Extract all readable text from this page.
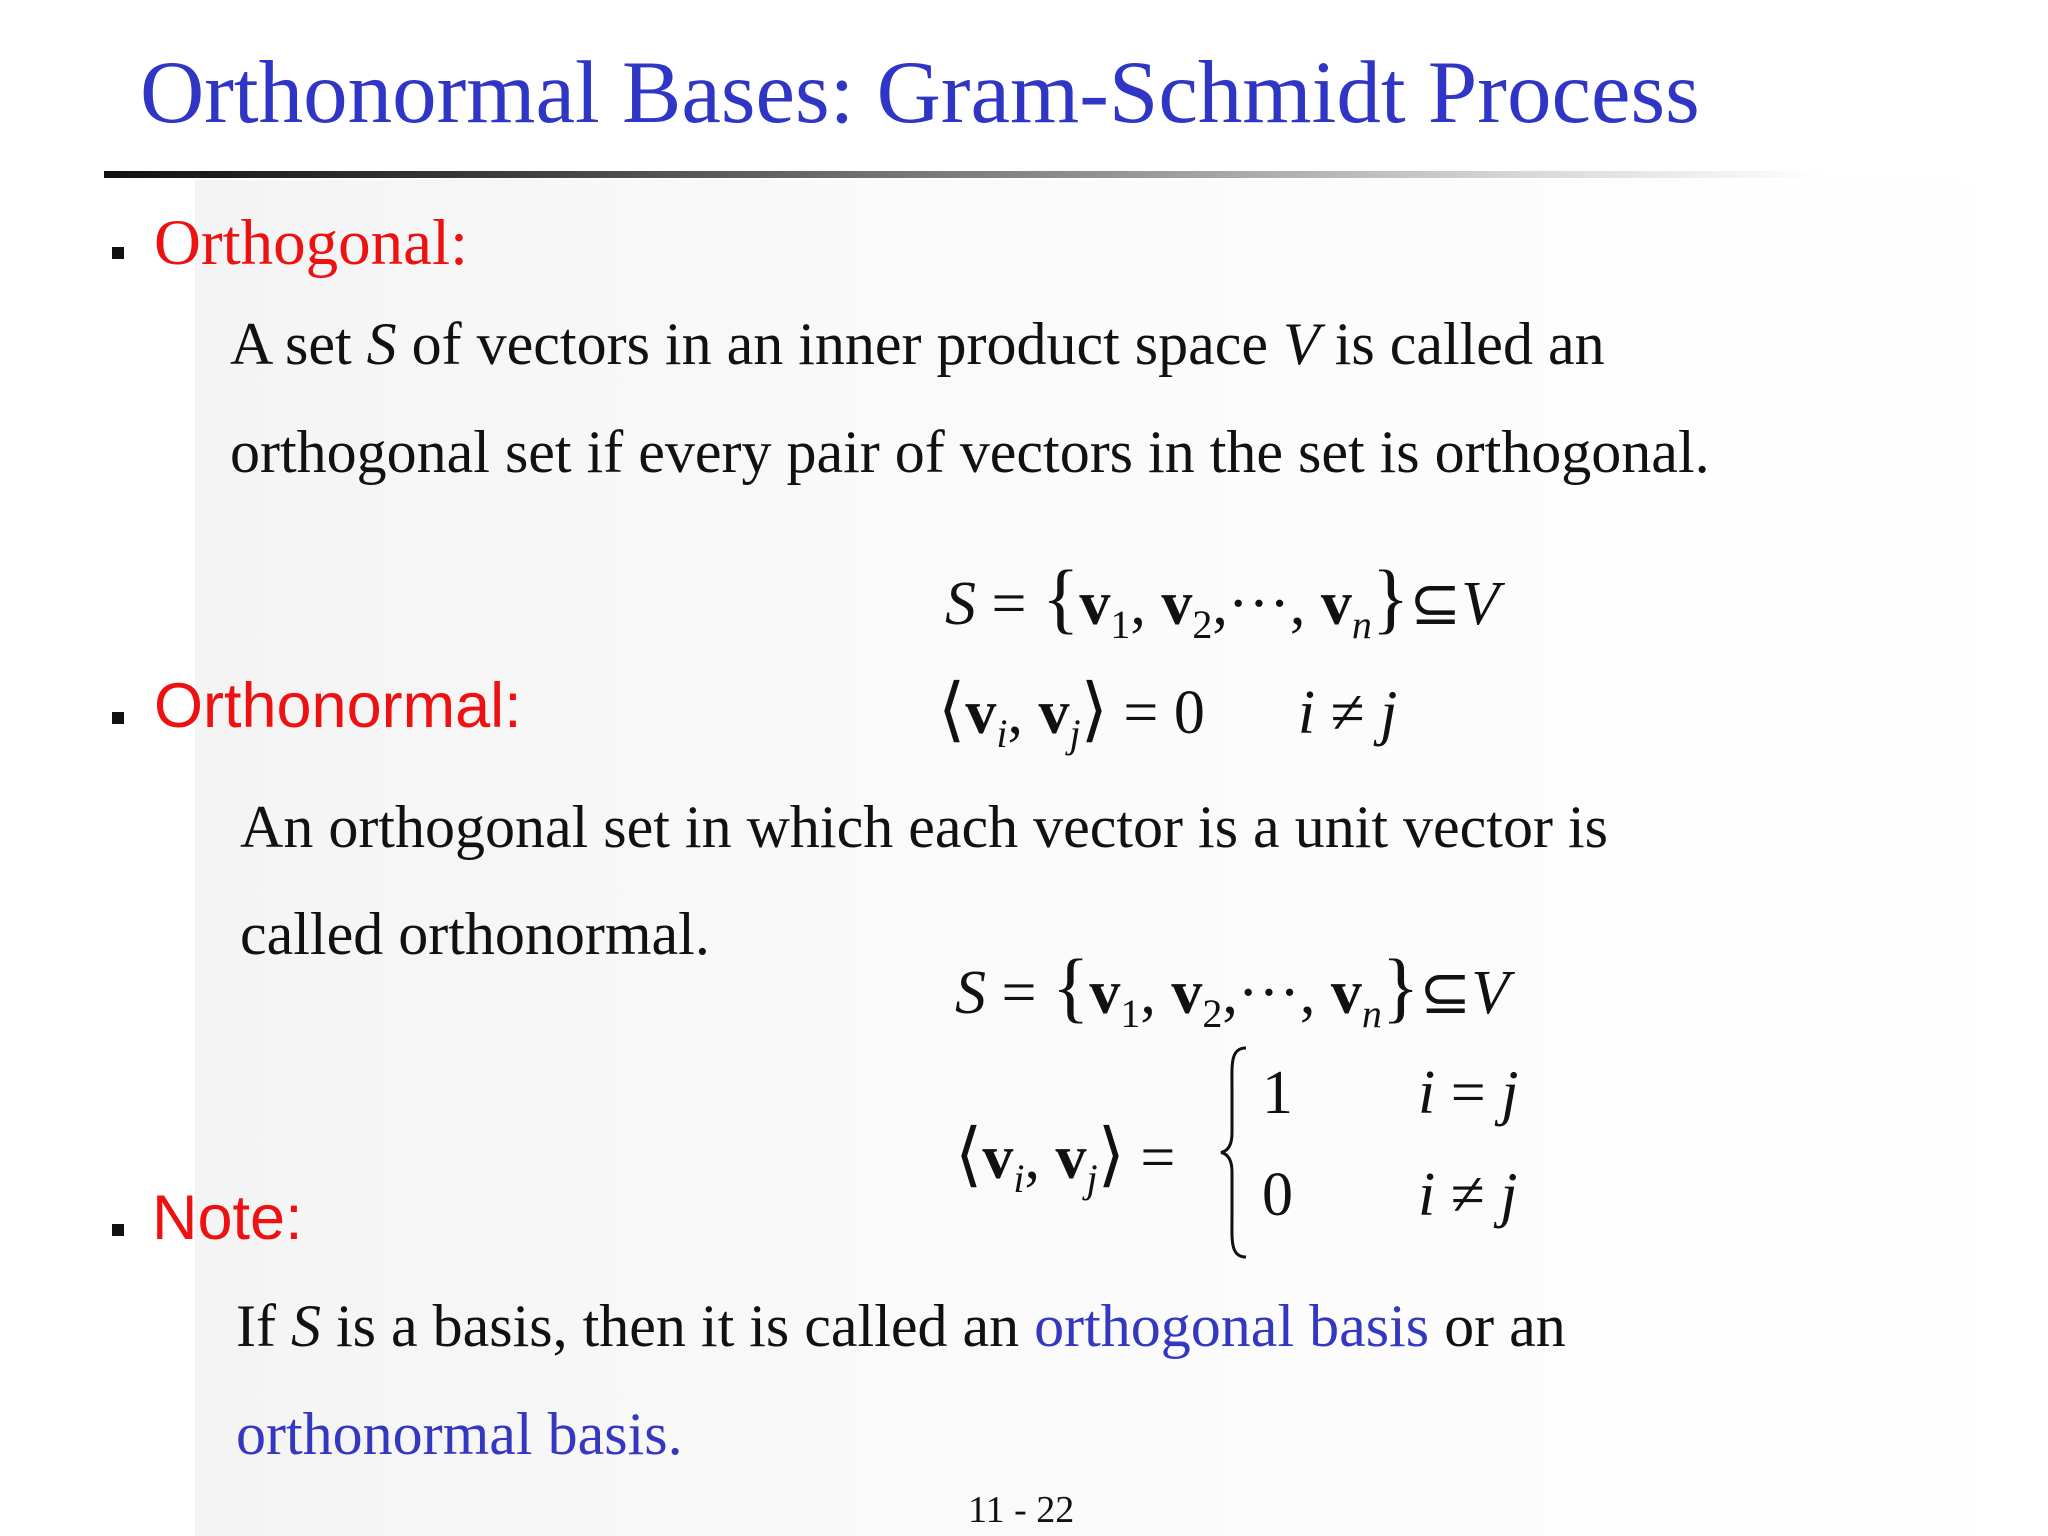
Orthonormal Bases: Gram-Schmidt Process
Orthogonal:

A set S of vectors in an inner product space V is called an

orthogonal set if every pair of vectors in the set is orthogonal.

$S = \{v_1$, $v_2,\cdot\cdot\cdot$, $v_n\}⊆V$
$⟨v_i$, $v_j⟩ = 0$ i ≠ j
Orthonormal:

An orthogonal set in which each vector is a unit vector is

called orthonormal.

$S = \{v_1$, $v_2,\cdot\cdot\cdot$, $v_n\}⊆V$
$⟨v_i$, $v_j⟩$ =
1 i = j
0 i ≠ j
Note:

If S is a basis, then it is called an orthogonal basis or an

orthonormal basis.

11 - 22
